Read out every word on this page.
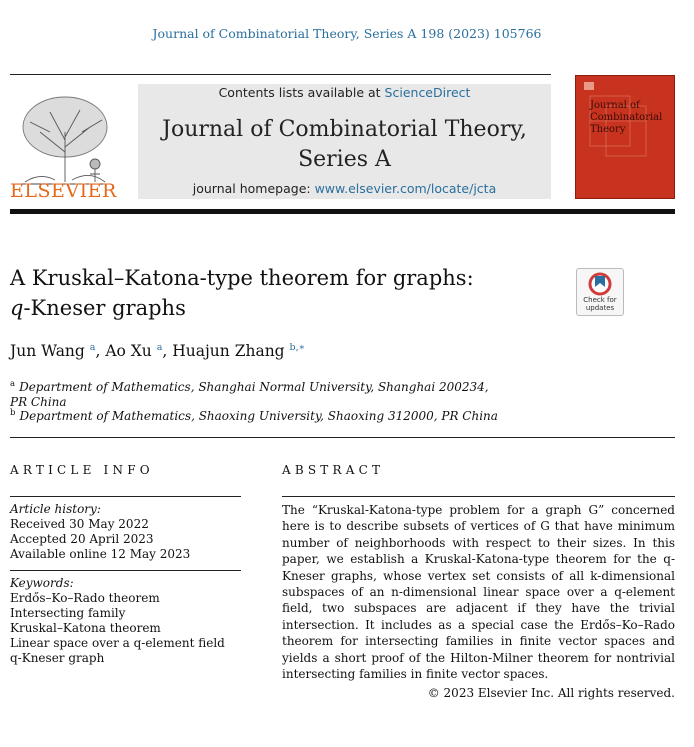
Journal of Combinatorial Theory, Series A 198 (2023) 105766
ELSEVIER
Contents lists available at ScienceDirect
Journal of Combinatorial Theory,
Series A
journal homepage: www.elsevier.com/locate/jcta
Journal of
Combinatorial
Theory
A Kruskal–Katona-type theorem for graphs:
q-Kneser graphs	Check for
updates
Jun Wang $^a$, Ao Xu $^a$, Huajun Zhang $^{b,∗}$
$^a$ Department of Mathematics, Shanghai Normal University, Shanghai 200234,
PR China
$^b$ Department of Mathematics, Shaoxing University, Shaoxing 312000, PR China
ARTICLE INFO
Article history:
Received 30 May 2022
Accepted 20 April 2023
Available online 12 May 2023
Keywords:
Erdős–Ko–Rado theorem
Intersecting family
Kruskal–Katona theorem
Linear space over a q-element field
q-Kneser graph
ABSTRACT
The “Kruskal-Katona-type problem for a graph G” concerned here is to describe subsets of vertices of G that have minimum number of neighborhoods with respect to their sizes. In this paper, we establish a Kruskal-Katona-type theorem for the q-Kneser graphs, whose vertex set consists of all k-dimensional subspaces of an n-dimensional linear space over a q-element field, two subspaces are adjacent if they have the trivial intersection. It includes as a special case the Erdős–Ko–Rado theorem for intersecting families in finite vector spaces and yields a short proof of the Hilton-Milner theorem for nontrivial intersecting families in finite vector spaces.
© 2023 Elsevier Inc. All rights reserved.
